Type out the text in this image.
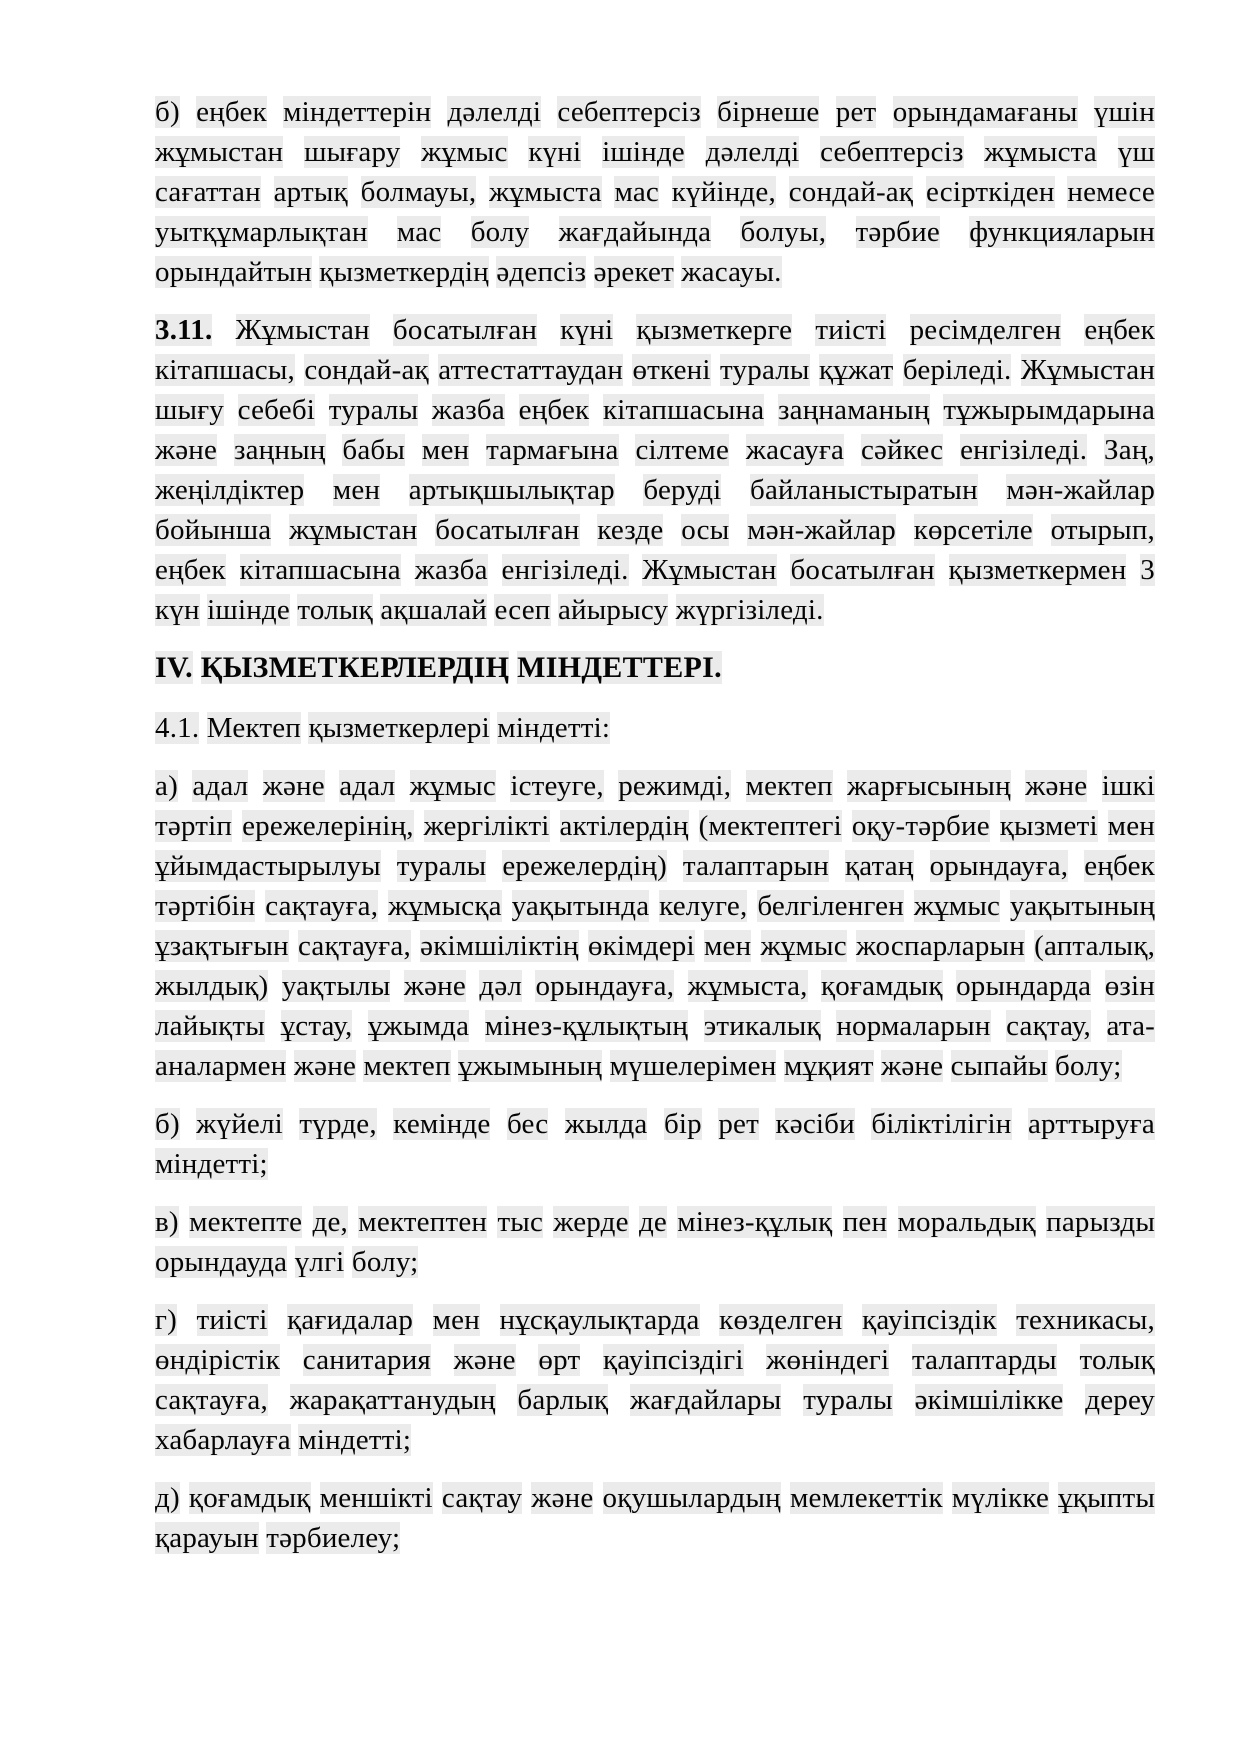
б) еңбек міндеттерін дәлелді себептерсіз бірнеше рет орындамағаны үшін жұмыстан шығару жұмыс күні ішінде дәлелді себептерсіз жұмыста үш сағаттан артық болмауы, жұмыста мас күйінде, сондай-ақ есірткіден немесе уытқұмарлықтан мас болу жағдайында болуы, тәрбие функцияларын орындайтын қызметкердің әдепсіз әрекет жасауы.

3.11. Жұмыстан босатылған күні қызметкерге тиісті ресімделген еңбек кітапшасы, сондай-ақ аттестаттаудан өткені туралы құжат беріледі. Жұмыстан шығу себебі туралы жазба еңбек кітапшасына заңнаманың тұжырымдарына және заңның бабы мен тармағына сілтеме жасауға сәйкес енгізіледі. Заң, жеңілдіктер мен артықшылықтар беруді байланыстыратын мән-жайлар бойынша жұмыстан босатылған кезде осы мән-жайлар көрсетіле отырып, еңбек кітапшасына жазба енгізіледі. Жұмыстан босатылған қызметкермен 3 күн ішінде толық ақшалай есеп айырысу жүргізіледі.

IV. ҚЫЗМЕТКЕРЛЕРДІҢ МІНДЕТТЕРІ.

4.1. Мектеп қызметкерлері міндетті:

а) адал және адал жұмыс істеуге, режимді, мектеп жарғысының және ішкі тәртіп ережелерінің, жергілікті актілердің (мектептегі оқу-тәрбие қызметі мен ұйымдастырылуы туралы ережелердің) талаптарын қатаң орындауға, еңбек тәртібін сақтауға, жұмысқа уақытында келуге, белгіленген жұмыс уақытының ұзақтығын сақтауға, әкімшіліктің өкімдері мен жұмыс жоспарларын (апталық, жылдық) уақтылы және дәл орындауға, жұмыста, қоғамдық орындарда өзін лайықты ұстау, ұжымда мінез-құлықтың этикалық нормаларын сақтау, ата-аналармен және мектеп ұжымының мүшелерімен мұқият және сыпайы болу;

б) жүйелі түрде, кемінде бес жылда бір рет кәсіби біліктілігін арттыруға міндетті;

в) мектепте де, мектептен тыс жерде де мінез-құлық пен моральдық парызды орындауда үлгі болу;

г) тиісті қағидалар мен нұсқаулықтарда көзделген қауіпсіздік техникасы, өндірістік санитария және өрт қауіпсіздігі жөніндегі талаптарды толық сақтауға, жарақаттанудың барлық жағдайлары туралы әкімшілікке дереу хабарлауға міндетті;

д) қоғамдық меншікті сақтау және оқушылардың мемлекеттік мүлікке ұқыпты қарауын тәрбиелеу;
